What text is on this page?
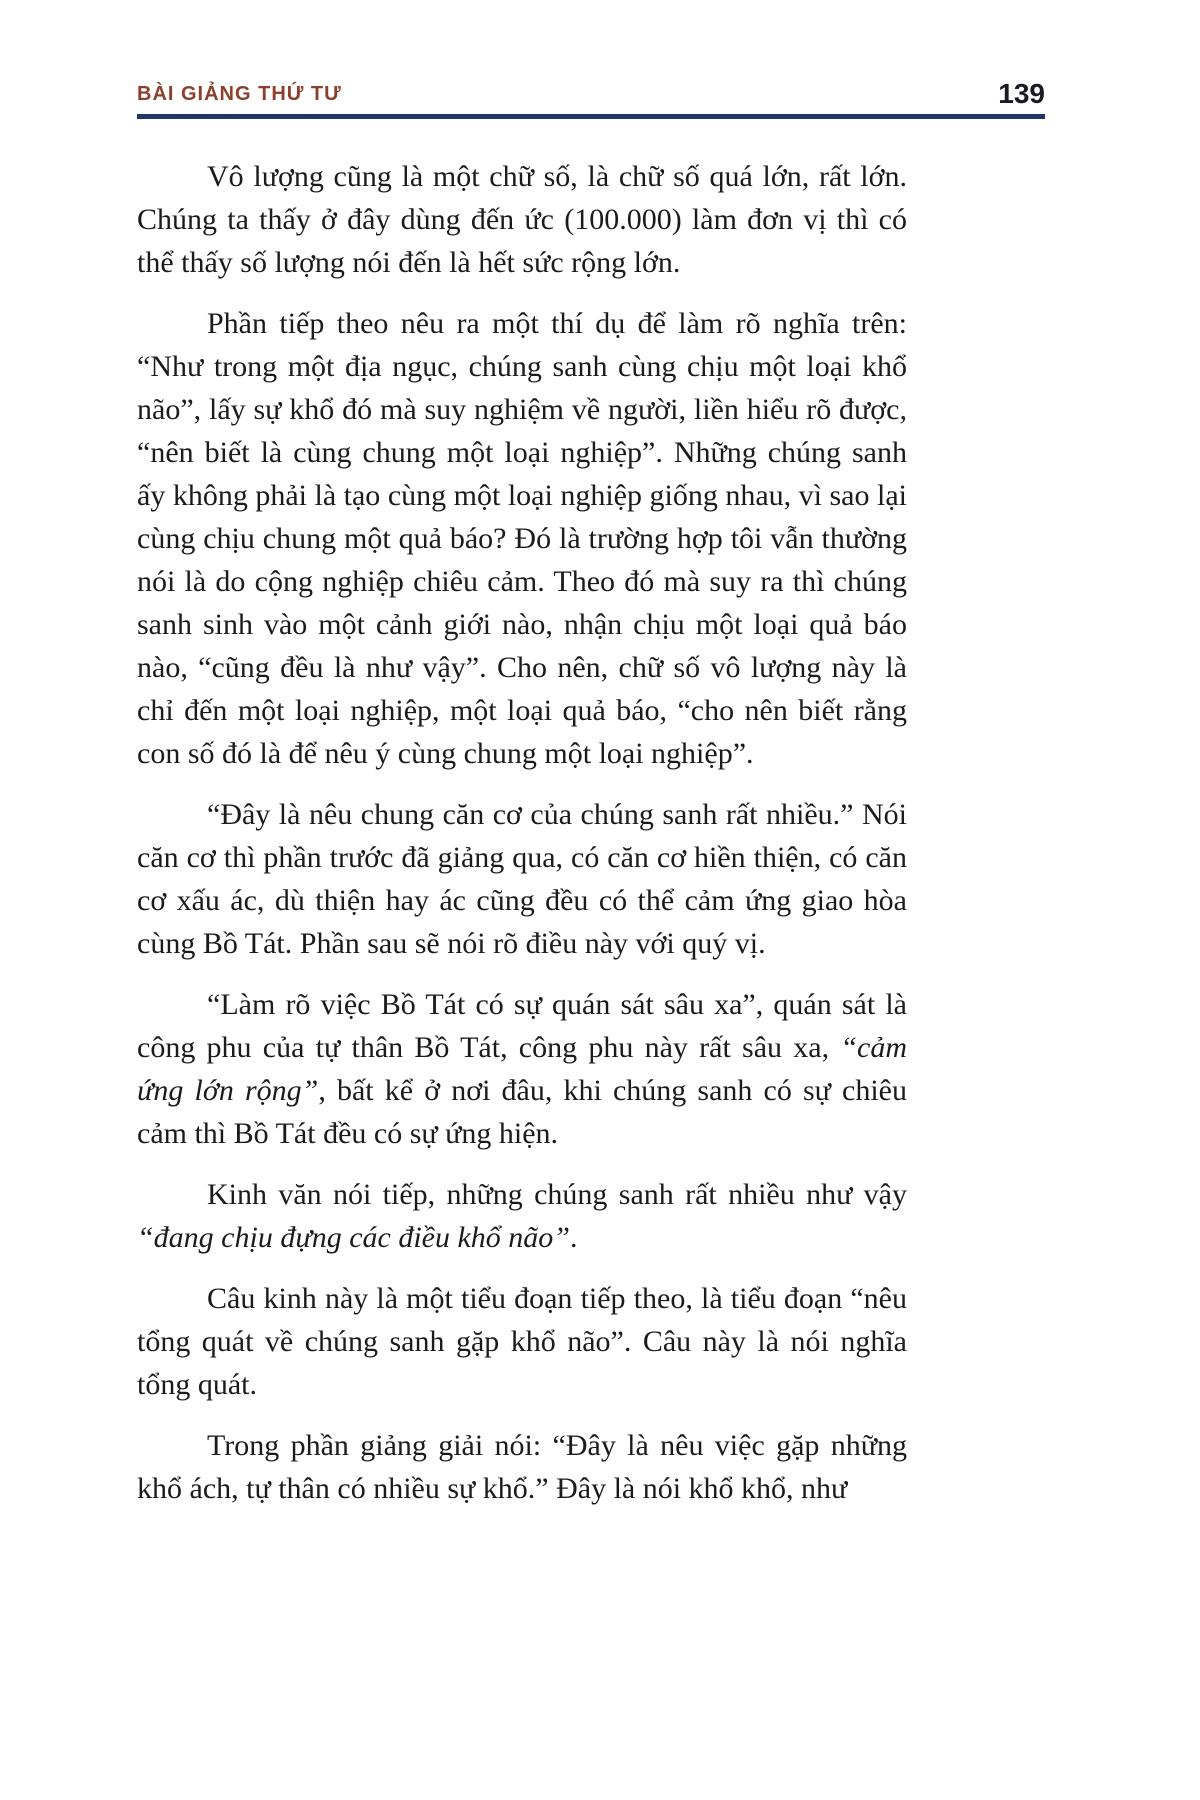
BÀI GIẢNG THỨ TƯ	139

Vô lượng cũng là một chữ số, là chữ số quá lớn, rất lớn. Chúng ta thấy ở đây dùng đến ức (100.000) làm đơn vị thì có thể thấy số lượng nói đến là hết sức rộng lớn.

Phần tiếp theo nêu ra một thí dụ để làm rõ nghĩa trên: “Như trong một địa ngục, chúng sanh cùng chịu một loại khổ não”, lấy sự khổ đó mà suy nghiệm về người, liền hiểu rõ được, “nên biết là cùng chung một loại nghiệp”. Những chúng sanh ấy không phải là tạo cùng một loại nghiệp giống nhau, vì sao lại cùng chịu chung một quả báo? Đó là trường hợp tôi vẫn thường nói là do cộng nghiệp chiêu cảm. Theo đó mà suy ra thì chúng sanh sinh vào một cảnh giới nào, nhận chịu một loại quả báo nào, “cũng đều là như vậy”. Cho nên, chữ số vô lượng này là chỉ đến một loại nghiệp, một loại quả báo, “cho nên biết rằng con số đó là để nêu ý cùng chung một loại nghiệp”.

“Đây là nêu chung căn cơ của chúng sanh rất nhiều.” Nói căn cơ thì phần trước đã giảng qua, có căn cơ hiền thiện, có căn cơ xấu ác, dù thiện hay ác cũng đều có thể cảm ứng giao hòa cùng Bồ Tát. Phần sau sẽ nói rõ điều này với quý vị.

“Làm rõ việc Bồ Tát có sự quán sát sâu xa”, quán sát là công phu của tự thân Bồ Tát, công phu này rất sâu xa, “cảm ứng lớn rộng”, bất kể ở nơi đâu, khi chúng sanh có sự chiêu cảm thì Bồ Tát đều có sự ứng hiện.

Kinh văn nói tiếp, những chúng sanh rất nhiều như vậy “đang chịu đựng các điều khổ não”.

Câu kinh này là một tiểu đoạn tiếp theo, là tiểu đoạn “nêu tổng quát về chúng sanh gặp khổ não”. Câu này là nói nghĩa tổng quát.

Trong phần giảng giải nói: “Đây là nêu việc gặp những khổ ách, tự thân có nhiều sự khổ.” Đây là nói khổ khổ, như
